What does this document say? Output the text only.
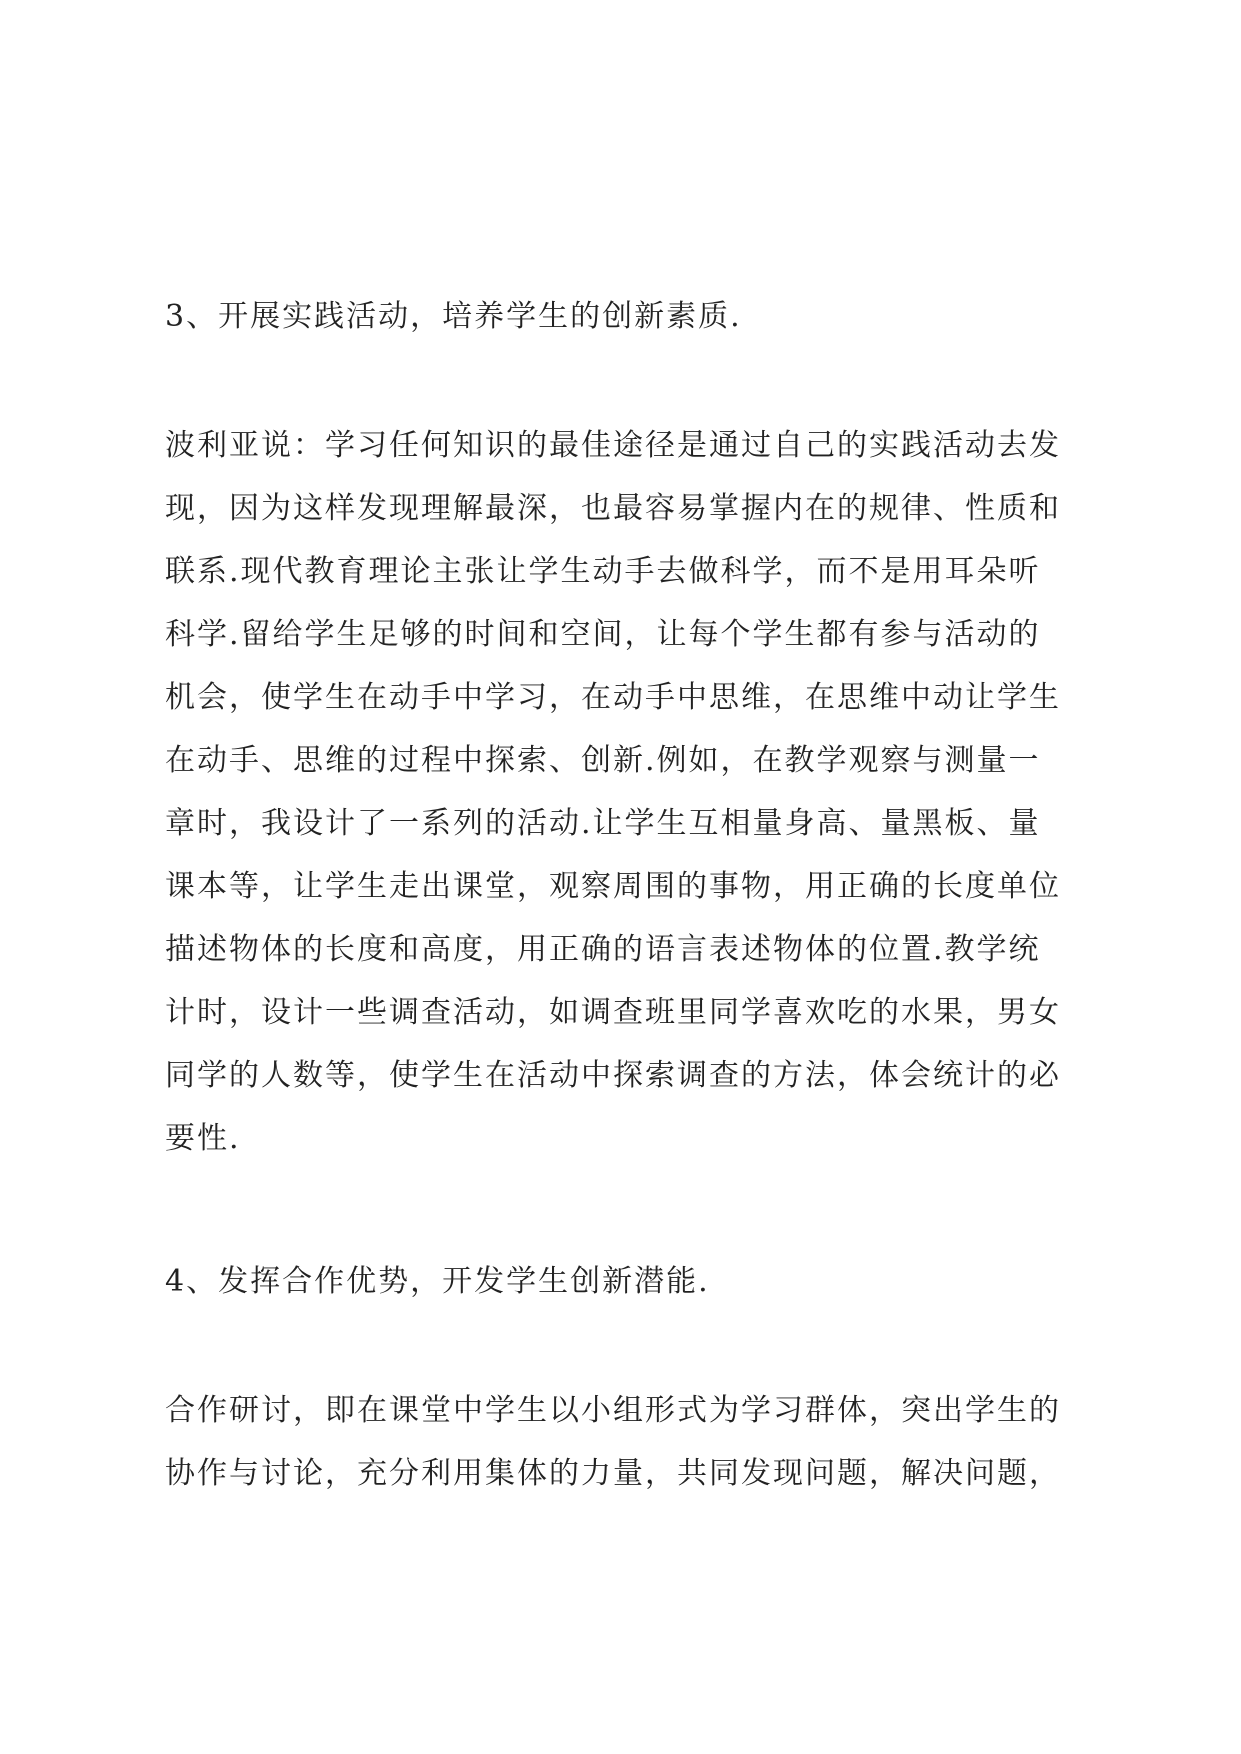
3、开展实践活动，培养学生的创新素质.

波利亚说：学习任何知识的最佳途径是通过自己的实践活动去发
现，因为这样发现理解最深，也最容易掌握内在的规律、性质和
联系.现代教育理论主张让学生动手去做科学，而不是用耳朵听
科学.留给学生足够的时间和空间，让每个学生都有参与活动的
机会，使学生在动手中学习，在动手中思维，在思维中动让学生
在动手、思维的过程中探索、创新.例如，在教学观察与测量一
章时，我设计了一系列的活动.让学生互相量身高、量黑板、量
课本等，让学生走出课堂，观察周围的事物，用正确的长度单位
描述物体的长度和高度，用正确的语言表述物体的位置.教学统
计时，设计一些调查活动，如调查班里同学喜欢吃的水果，男女
同学的人数等，使学生在活动中探索调查的方法，体会统计的必
要性.

4、发挥合作优势，开发学生创新潜能.

合作研讨，即在课堂中学生以小组形式为学习群体，突出学生的
协作与讨论，充分利用集体的力量，共同发现问题，解决问题，
